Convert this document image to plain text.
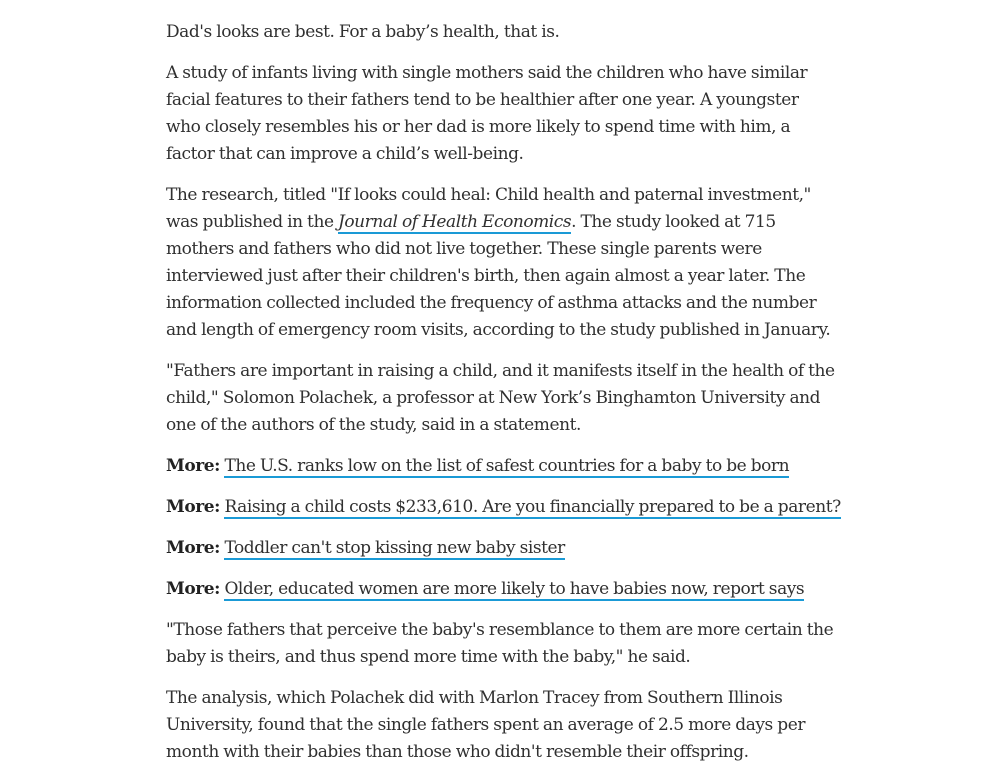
Dad's looks are best. For a baby’s health, that is.

A study of infants living with single mothers said the children who have similar facial features to their fathers tend to be healthier after one year. A youngster who closely resembles his or her dad is more likely to spend time with him, a factor that can improve a child’s well-being.

The research, titled "If looks could heal: Child health and paternal investment," was published in the Journal of Health Economics. The study looked at 715 mothers and fathers who did not live together. These single parents were interviewed just after their children's birth, then again almost a year later. The information collected included the frequency of asthma attacks and the number and length of emergency room visits, according to the study published in January.

"Fathers are important in raising a child, and it manifests itself in the health of the child," Solomon Polachek, a professor at New York’s Binghamton University and one of the authors of the study, said in a statement.

More: The U.S. ranks low on the list of safest countries for a baby to be born

More: Raising a child costs $233,610. Are you financially prepared to be a parent?

More: Toddler can't stop kissing new baby sister

More: Older, educated women are more likely to have babies now, report says

"Those fathers that perceive the baby's resemblance to them are more certain the baby is theirs, and thus spend more time with the baby," he said.

The analysis, which Polachek did with Marlon Tracey from Southern Illinois University, found that the single fathers spent an average of 2.5 more days per month with their babies than those who didn't resemble their offspring.
